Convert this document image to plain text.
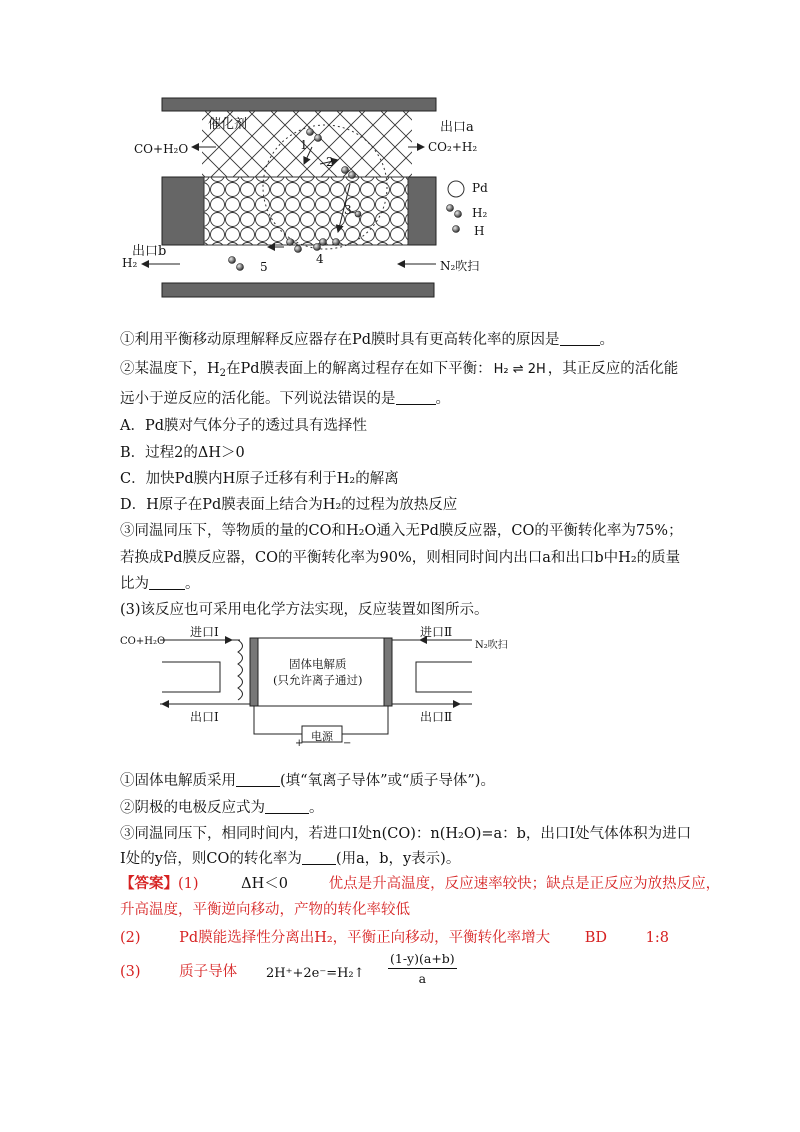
催化剂	出口a
CO+H₂O	CO₂+H₂
1
2
3
4
5
Pd
H₂
H
出口b
H₂	N₂吹扫
①利用平衡移动原理解释反应器存在Pd膜时具有更高转化率的原因是	。
②某温度下，$H_2$在Pd膜表面上的解离过程存在如下平衡： H₂ ⇌ 2H ，其正反应的活化能
远小于逆反应的活化能。下列说法错误的是	。
A．Pd膜对气体分子的透过具有选择性
B．过程2的ΔH＞0
C．加快Pd膜内H原子迁移有利于H₂的解离
D．H原子在Pd膜表面上结合为H₂的过程为放热反应
③同温同压下，等物质的量的CO和H₂O通入无Pd膜反应器，CO的平衡转化率为75%；
若换成Pd膜反应器，CO的平衡转化率为90%，则相同时间内出口a和出口b中H₂的质量
比为 。
(3)该反应也可采用电化学方法实现，反应装置如图所示。
进口Ⅰ	进口Ⅱ
CO+H₂O	N₂吹扫
固体电解质
(只允许离子通过)
出口Ⅰ	出口Ⅱ
电源
+	−
①固体电解质采用	(填“氧离子导体”或“质子导体”)。
②阴极的电极反应式为	。
③同温同压下，相同时间内，若进口Ⅰ处n(CO)：n(H₂O)=a：b，出口Ⅰ处气体体积为进口
Ⅰ处的y倍，则CO的转化率为 (用a，b，y表示)。
【答案】(1)	ΔH＜0	优点是升高温度，反应速率较快；缺点是正反应为放热反应，
升高温度，平衡逆向移动，产物的转化率较低
(2)	Pd膜能选择性分离出H₂，平衡正向移动，平衡转化率增大 BD	1:8
(3)	质子导体 2H⁺+2e⁻=H₂↑ $\frac{(1-y)(a+b)}{a}$
